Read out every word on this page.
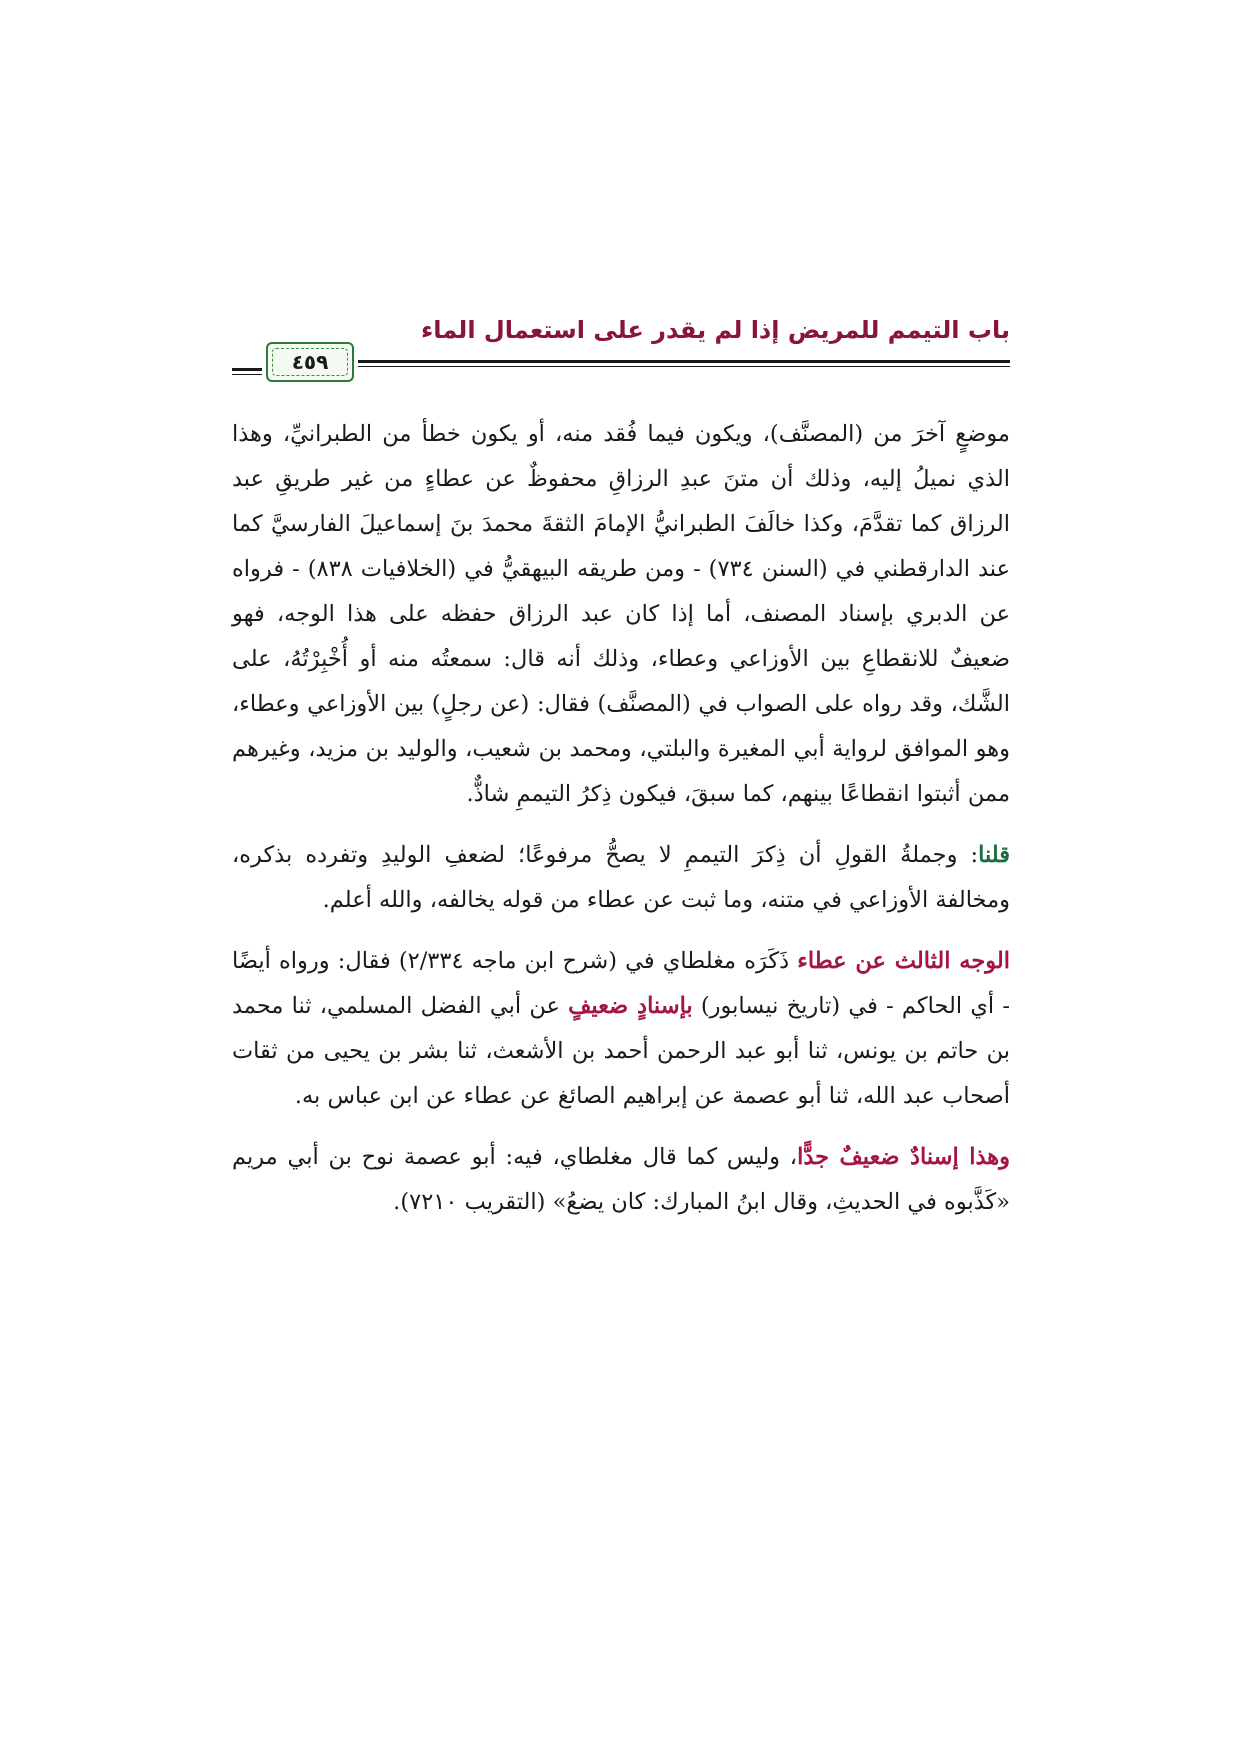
باب التيمم للمريض إذا لم يقدر على استعمال الماء
٤٥٩

موضعٍ آخرَ من (المصنَّف)، ويكون فيما فُقد منه، أو يكون خطأ من الطبرانيِّ، وهذا الذي نميلُ إليه، وذلك أن متنَ عبدِ الرزاقِ محفوظٌ عن عطاءٍ من غير طريقِ عبد الرزاق كما تقدَّمَ، وكذا خالَفَ الطبرانيُّ الإمامَ الثقةَ محمدَ بنَ إسماعيلَ الفارسيَّ كما عند الدارقطني في (السنن ٧٣٤) - ومن طريقه البيهقيُّ في (الخلافيات ٨٣٨) - فرواه عن الدبري بإسناد المصنف، أما إذا كان عبد الرزاق حفظه على هذا الوجه، فهو ضعيفٌ للانقطاعِ بين الأوزاعي وعطاء، وذلك أنه قال: سمعتُه منه أو أُخْبِرْتُهُ، على الشَّك، وقد رواه على الصواب في (المصنَّف) فقال: (عن رجلٍ) بين الأوزاعي وعطاء، وهو الموافق لرواية أبي المغيرة والبلتي، ومحمد بن شعيب، والوليد بن مزيد، وغيرهم ممن أثبتوا انقطاعًا بينهم، كما سبقَ، فيكون ذِكرُ التيممِ شاذٌّ.

قلنا: وجملةُ القولِ أن ذِكرَ التيممِ لا يصحُّ مرفوعًا؛ لضعفِ الوليدِ وتفرده بذكره، ومخالفة الأوزاعي في متنه، وما ثبت عن عطاء من قوله يخالفه، والله أعلم.

الوجه الثالث عن عطاء ذَكَرَه مغلطاي في (شرح ابن ماجه ٢/٣٣٤) فقال: ورواه أيضًا - أي الحاكم - في (تاريخ نيسابور) بإسنادٍ ضعيفٍ عن أبي الفضل المسلمي، ثنا محمد بن حاتم بن يونس، ثنا أبو عبد الرحمن أحمد بن الأشعث، ثنا بشر بن يحيى من ثقات أصحاب عبد الله، ثنا أبو عصمة عن إبراهيم الصائغ عن عطاء عن ابن عباس به.

وهذا إسنادٌ ضعيفٌ جدًّا، وليس كما قال مغلطاي، فيه: أبو عصمة نوح بن أبي مريم «كَذَّبوه في الحديثِ، وقال ابنُ المبارك: كان يضعُ» (التقريب ٧٢١٠).
